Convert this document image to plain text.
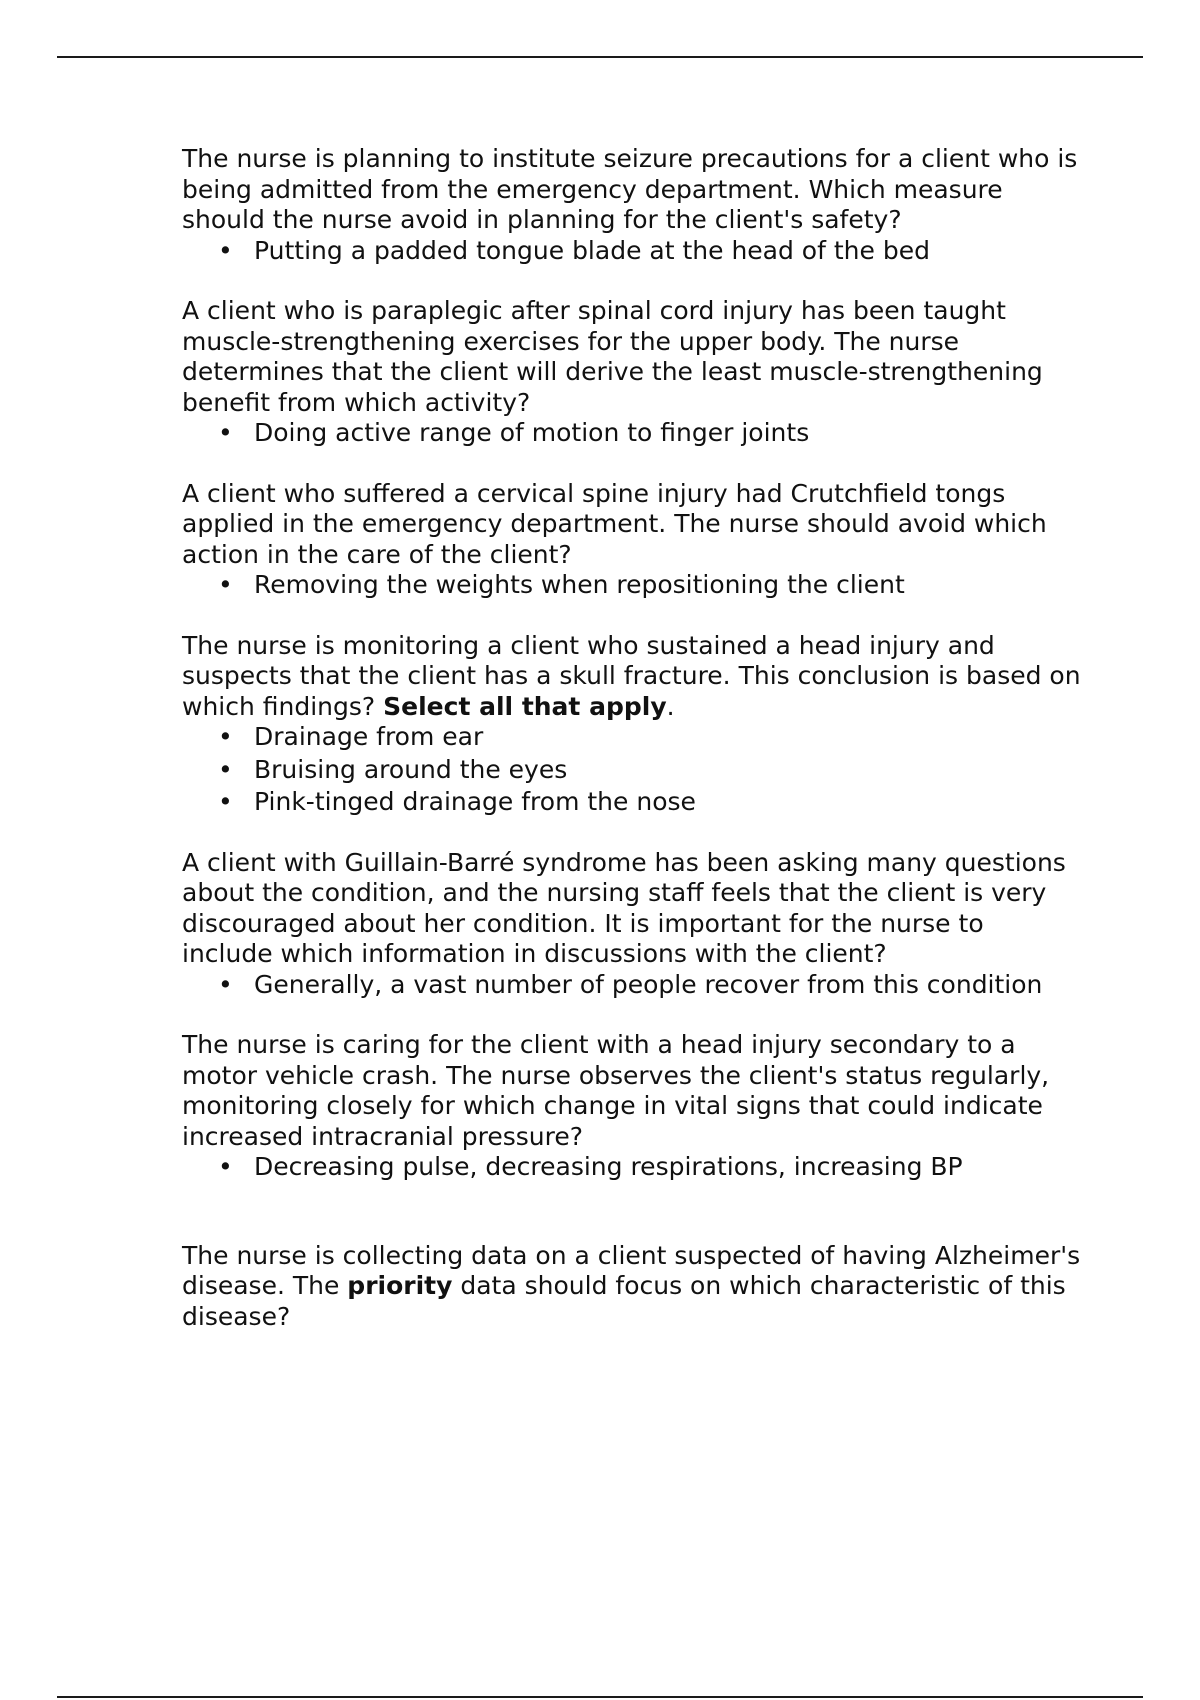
The nurse is planning to institute seizure precautions for a client who is being admitted from the emergency department. Which measure should the nurse avoid in planning for the client's safety?

• Putting a padded tongue blade at the head of the bed

A client who is paraplegic after spinal cord injury has been taught muscle-strengthening exercises for the upper body. The nurse determines that the client will derive the least muscle-strengthening benefit from which activity?

• Doing active range of motion to finger joints

A client who suffered a cervical spine injury had Crutchfield tongs applied in the emergency department. The nurse should avoid which action in the care of the client?

• Removing the weights when repositioning the client

The nurse is monitoring a client who sustained a head injury and suspects that the client has a skull fracture. This conclusion is based on which findings? Select all that apply.

• Drainage from ear
• Bruising around the eyes
• Pink-tinged drainage from the nose

A client with Guillain-Barré syndrome has been asking many questions about the condition, and the nursing staff feels that the client is very discouraged about her condition. It is important for the nurse to include which information in discussions with the client?

• Generally, a vast number of people recover from this condition

The nurse is caring for the client with a head injury secondary to a motor vehicle crash. The nurse observes the client's status regularly, monitoring closely for which change in vital signs that could indicate increased intracranial pressure?

• Decreasing pulse, decreasing respirations, increasing BP

The nurse is collecting data on a client suspected of having Alzheimer's disease. The priority data should focus on which characteristic of this disease?
